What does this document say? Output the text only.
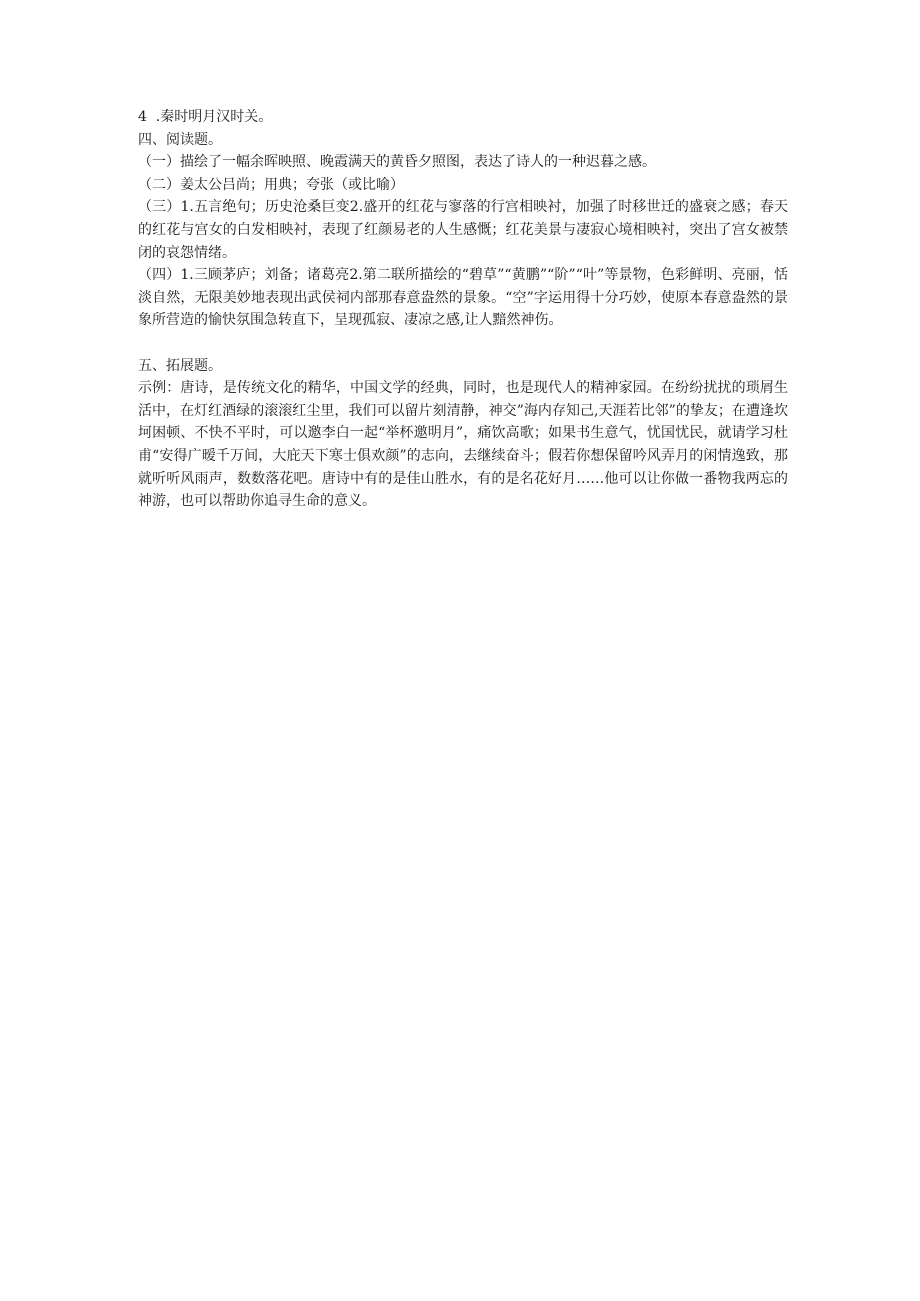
4  .秦时明月汉时关。

四、阅读题。

（一）描绘了一幅余晖映照、晚霞满天的黄昏夕照图，表达了诗人的一种迟暮之感。

（二）姜太公吕尚；用典；夸张（或比喻）

（三）1.五言绝句；历史沧桑巨变2.盛开的红花与寥落的行宫相映衬，加强了时移世迁的盛衰之感；春天的红花与宫女的白发相映衬，表现了红颜易老的人生感慨；红花美景与凄寂心境相映衬，突出了宫女被禁闭的哀怨情绪。

（四）1.三顾茅庐；刘备；诸葛亮2.第二联所描绘的“碧草”“黄鹏”“阶”“叶”等景物，色彩鲜明、亮丽，恬淡自然，无限美妙地表现出武侯祠内部那春意盎然的景象。“空”字运用得十分巧妙，使原本春意盎然的景象所营造的愉快氛围急转直下，呈现孤寂、凄凉之感,让人黯然神伤。

五、拓展题。

示例：唐诗，是传统文化的精华，中国文学的经典，同时，也是现代人的精神家园。在纷纷扰扰的琐屑生活中，在灯红酒绿的滚滚红尘里，我们可以留片刻清静，神交”海内存知己,天涯若比邻”的挚友；在遭逢坎坷困顿、不快不平时，可以邀李白一起“举杯邀明月”，痛饮高歌；如果书生意气，忧国忧民，就请学习杜甫“安得广暧千万间，大庇天下寒士俱欢颜”的志向，去继续奋斗；假若你想保留吟风弄月的闲情逸致，那就听听风雨声，数数落花吧。唐诗中有的是佳山胜水，有的是名花好月……他可以让你做一番物我两忘的神游，也可以帮助你追寻生命的意义。
